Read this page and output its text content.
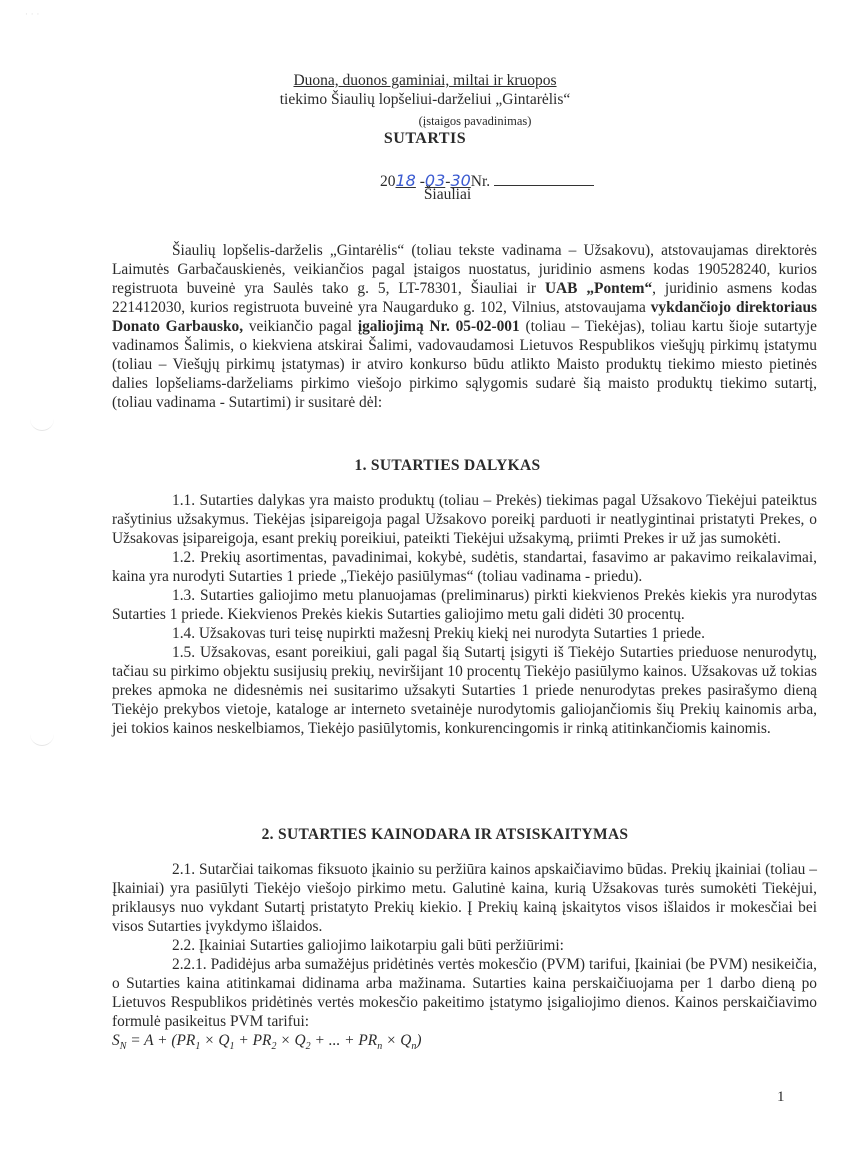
· · ·
Duona, duonos gaminiai, miltai ir kruopos
tiekimo Šiaulių lopšeliui-darželiui „Gintarėlis“
(įstaigos pavadinimas)
SUTARTIS
2018 -03-30Nr.
Šiauliai

Šiaulių lopšelis-darželis „Gintarėlis“ (toliau tekste vadinama – Užsakovu), atstovaujamas direktorės Laimutės Garbačauskienės, veikiančios pagal įstaigos nuostatus, juridinio asmens kodas 190528240, kurios registruota buveinė yra Saulės tako g. 5, LT-78301, Šiauliai ir UAB „Pontem“, juridinio asmens kodas 221412030, kurios registruota buveinė yra Naugarduko g. 102, Vilnius, atstovaujama vykdančiojo direktoriaus Donato Garbausko, veikiančio pagal įgaliojimą Nr. 05-02-001 (toliau – Tiekėjas), toliau kartu šioje sutartyje vadinamos Šalimis, o kiekviena atskirai Šalimi, vadovaudamosi Lietuvos Respublikos viešųjų pirkimų įstatymu (toliau – Viešųjų pirkimų įstatymas) ir atviro konkurso būdu atlikto Maisto produktų tiekimo miesto pietinės dalies lopšeliams-darželiams pirkimo viešojo pirkimo sąlygomis sudarė šią maisto produktų tiekimo sutartį, (toliau vadinama - Sutartimi) ir susitarė dėl:

1. SUTARTIES DALYKAS

1.1. Sutarties dalykas yra maisto produktų (toliau – Prekės) tiekimas pagal Užsakovo Tiekėjui pateiktus rašytinius užsakymus. Tiekėjas įsipareigoja pagal Užsakovo poreikį parduoti ir neatlygintinai pristatyti Prekes, o Užsakovas įsipareigoja, esant prekių poreikiui, pateikti Tiekėjui užsakymą, priimti Prekes ir už jas sumokėti.

1.2. Prekių asortimentas, pavadinimai, kokybė, sudėtis, standartai, fasavimo ar pakavimo reikalavimai, kaina yra nurodyti Sutarties 1 priede „Tiekėjo pasiūlymas“ (toliau vadinama - priedu).

1.3. Sutarties galiojimo metu planuojamas (preliminarus) pirkti kiekvienos Prekės kiekis yra nurodytas Sutarties 1 priede. Kiekvienos Prekės kiekis Sutarties galiojimo metu gali didėti 30 procentų.

1.4. Užsakovas turi teisę nupirkti mažesnį Prekių kiekį nei nurodyta Sutarties 1 priede.

1.5. Užsakovas, esant poreikiui, gali pagal šią Sutartį įsigyti iš Tiekėjo Sutarties prieduose nenurodytų, tačiau su pirkimo objektu susijusių prekių, neviršijant 10 procentų Tiekėjo pasiūlymo kainos. Užsakovas už tokias prekes apmoka ne didesnėmis nei susitarimo užsakyti Sutarties 1 priede nenurodytas prekes pasirašymo dieną Tiekėjo prekybos vietoje, kataloge ar interneto svetainėje nurodytomis galiojančiomis šių Prekių kainomis arba, jei tokios kainos neskelbiamos, Tiekėjo pasiūlytomis, konkurencingomis ir rinką atitinkančiomis kainomis.

2. SUTARTIES KAINODARA IR ATSISKAITYMAS

2.1. Sutarčiai taikomas fiksuoto įkainio su peržiūra kainos apskaičiavimo būdas. Prekių įkainiai (toliau – Įkainiai) yra pasiūlyti Tiekėjo viešojo pirkimo metu. Galutinė kaina, kurią Užsakovas turės sumokėti Tiekėjui, priklausys nuo vykdant Sutartį pristatyto Prekių kiekio. Į Prekių kainą įskaitytos visos išlaidos ir mokesčiai bei visos Sutarties įvykdymo išlaidos.

2.2. Įkainiai Sutarties galiojimo laikotarpiu gali būti peržiūrimi:

2.2.1. Padidėjus arba sumažėjus pridėtinės vertės mokesčio (PVM) tarifui, Įkainiai (be PVM) nesikeičia, o Sutarties kaina atitinkamai didinama arba mažinama. Sutarties kaina perskaičiuojama per 1 darbo dieną po Lietuvos Respublikos pridėtinės vertės mokesčio pakeitimo įstatymo įsigaliojimo dienos. Kainos perskaičiavimo formulė pasikeitus PVM tarifui:

$S_N = A + (PR_1 \times Q_1 + PR_2 \times Q_2$ + ... + $PR_n \times Q_n$)

1
